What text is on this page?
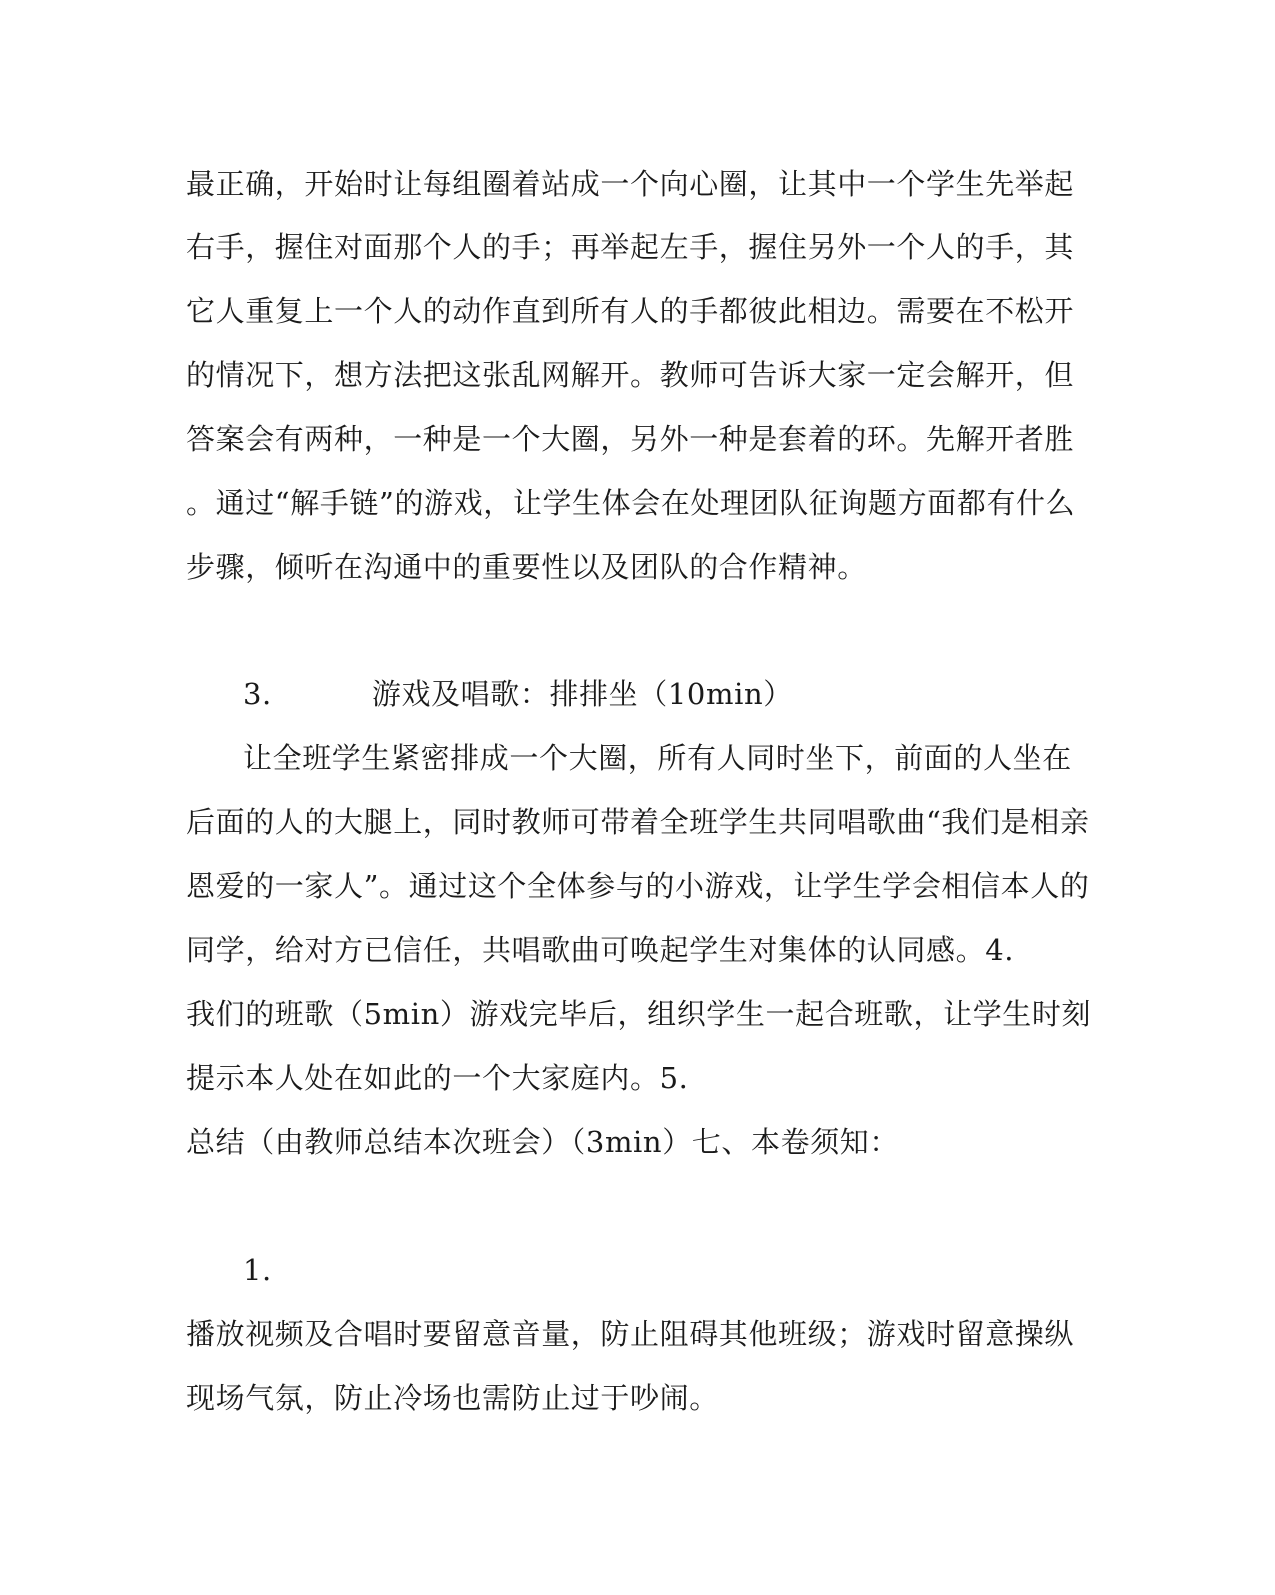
最正确，开始时让每组圈着站成一个向心圈，让其中一个学生先举起
右手，握住对面那个人的手；再举起左手，握住另外一个人的手，其
它人重复上一个人的动作直到所有人的手都彼此相边。需要在不松开
的情况下，想方法把这张乱网解开。教师可告诉大家一定会解开，但
答案会有两种，一种是一个大圈，另外一种是套着的环。先解开者胜
。通过“解手链”的游戏，让学生体会在处理团队征询题方面都有什么
步骤，倾听在沟通中的重要性以及团队的合作精神。
3.	游戏及唱歌：排排坐（10min）
让全班学生紧密排成一个大圈，所有人同时坐下，前面的人坐在
后面的人的大腿上，同时教师可带着全班学生共同唱歌曲“我们是相亲
恩爱的一家人”。通过这个全体参与的小游戏，让学生学会相信本人的
同学，给对方已信任，共唱歌曲可唤起学生对集体的认同感。4.
我们的班歌（5min）游戏完毕后，组织学生一起合班歌，让学生时刻
提示本人处在如此的一个大家庭内。5.
总结（由教师总结本次班会）（3min）七、本卷须知：
1.
播放视频及合唱时要留意音量，防止阻碍其他班级；游戏时留意操纵
现场气氛，防止冷场也需防止过于吵闹。
